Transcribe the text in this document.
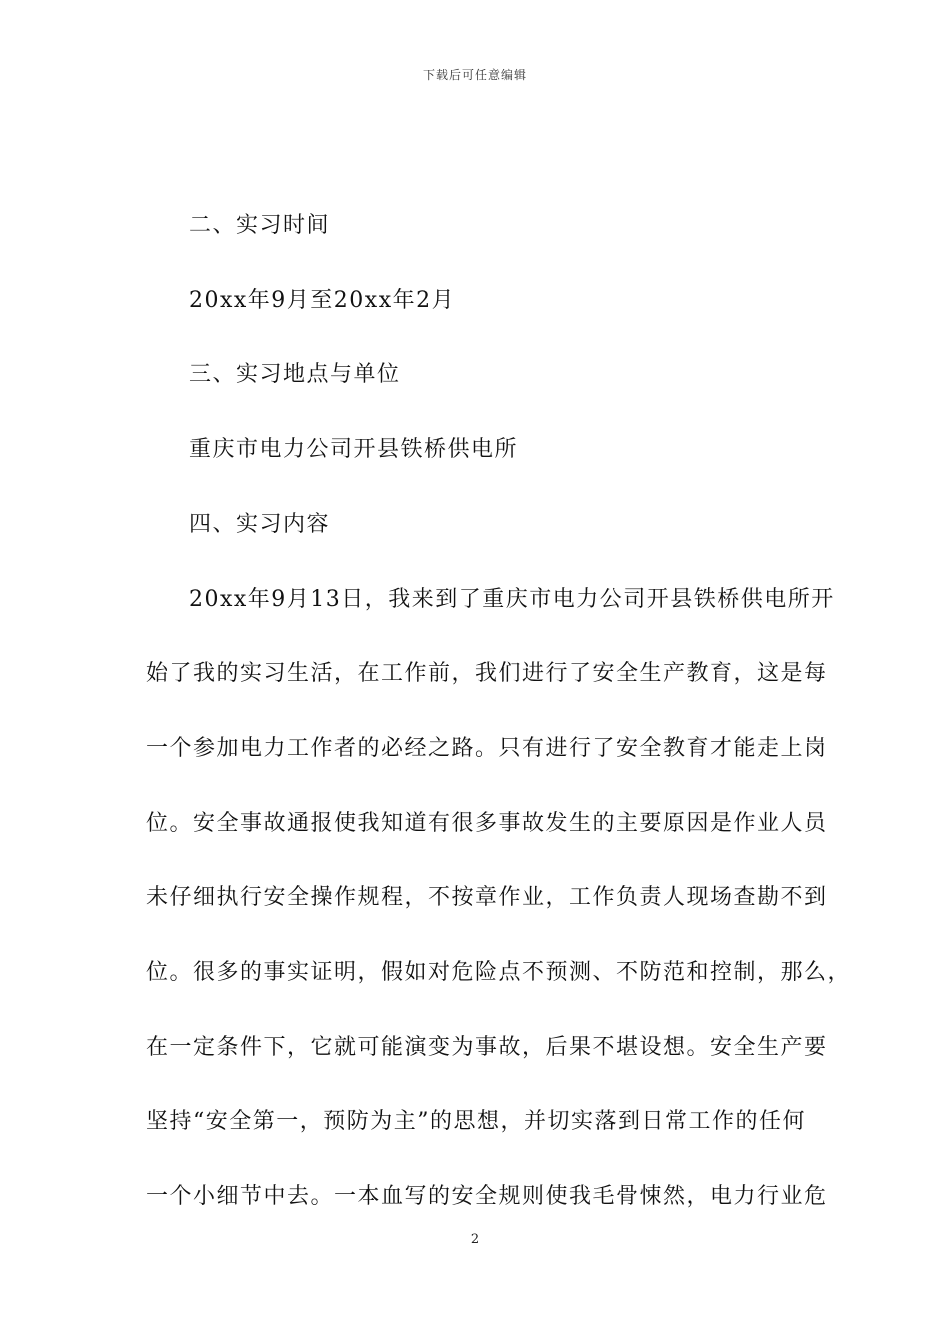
下载后可任意编辑
二、实习时间
20xx年9月至20xx年2月
三、实习地点与单位
重庆市电力公司开县铁桥供电所
四、实习内容
20xx年9月13日，我来到了重庆市电力公司开县铁桥供电所开
始了我的实习生活，在工作前，我们进行了安全生产教育，这是每
一个参加电力工作者的必经之路。只有进行了安全教育才能走上岗
位。安全事故通报使我知道有很多事故发生的主要原因是作业人员
未仔细执行安全操作规程，不按章作业，工作负责人现场查勘不到
位。很多的事实证明，假如对危险点不预测、不防范和控制，那么，
在一定条件下，它就可能演变为事故，后果不堪设想。安全生产要
坚持“安全第一，预防为主”的思想，并切实落到日常工作的任何
一个小细节中去。一本血写的安全规则使我毛骨悚然，电力行业危
2
